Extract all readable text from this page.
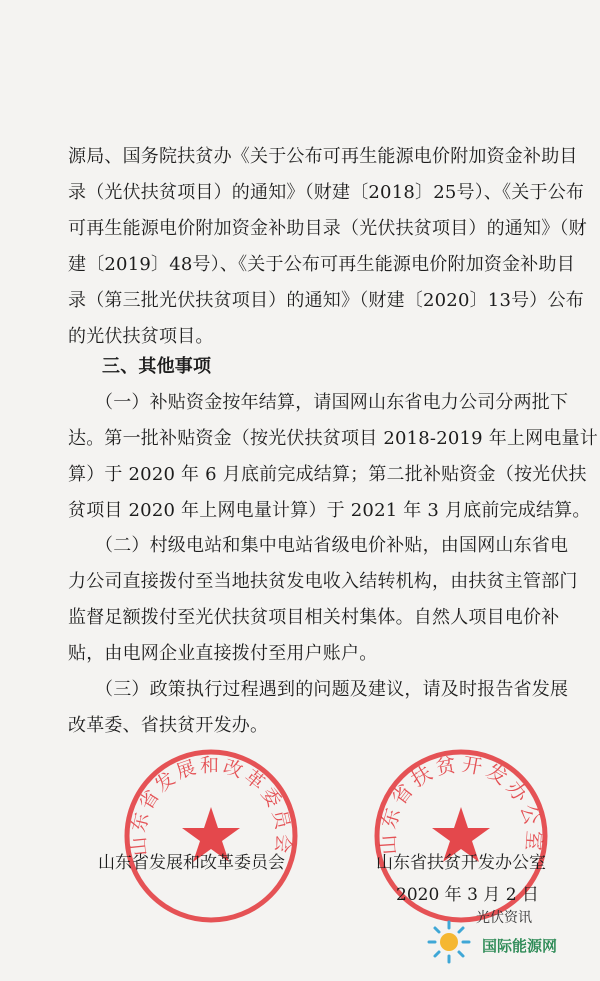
源局、国务院扶贫办《关于公布可再生能源电价附加资金补助目
录（光伏扶贫项目）的通知》（财建〔2018〕25号）、《关于公布
可再生能源电价附加资金补助目录（光伏扶贫项目）的通知》（财
建〔2019〕48号）、《关于公布可再生能源电价附加资金补助目
录（第三批光伏扶贫项目）的通知》（财建〔2020〕13号）公布
的光伏扶贫项目。
三、其他事项
（一）补贴资金按年结算，请国网山东省电力公司分两批下
达。第一批补贴资金（按光伏扶贫项目 2018-2019 年上网电量计
算）于 2020 年 6 月底前完成结算；第二批补贴资金（按光伏扶
贫项目 2020 年上网电量计算）于 2021 年 3 月底前完成结算。
（二）村级电站和集中电站省级电价补贴，由国网山东省电
力公司直接拨付至当地扶贫发电收入结转机构，由扶贫主管部门
监督足额拨付至光伏扶贫项目相关村集体。自然人项目电价补
贴，由电网企业直接拨付至用户账户。
（三）政策执行过程遇到的问题及建议，请及时报告省发展
改革委、省扶贫开发办。
山东省发展和改革委员会	山东省扶贫开发办公室
山东省发展和改革委员会	山东省扶贫开发办公室
2020 年 3 月 2 日
光伏资讯
国际能源网
